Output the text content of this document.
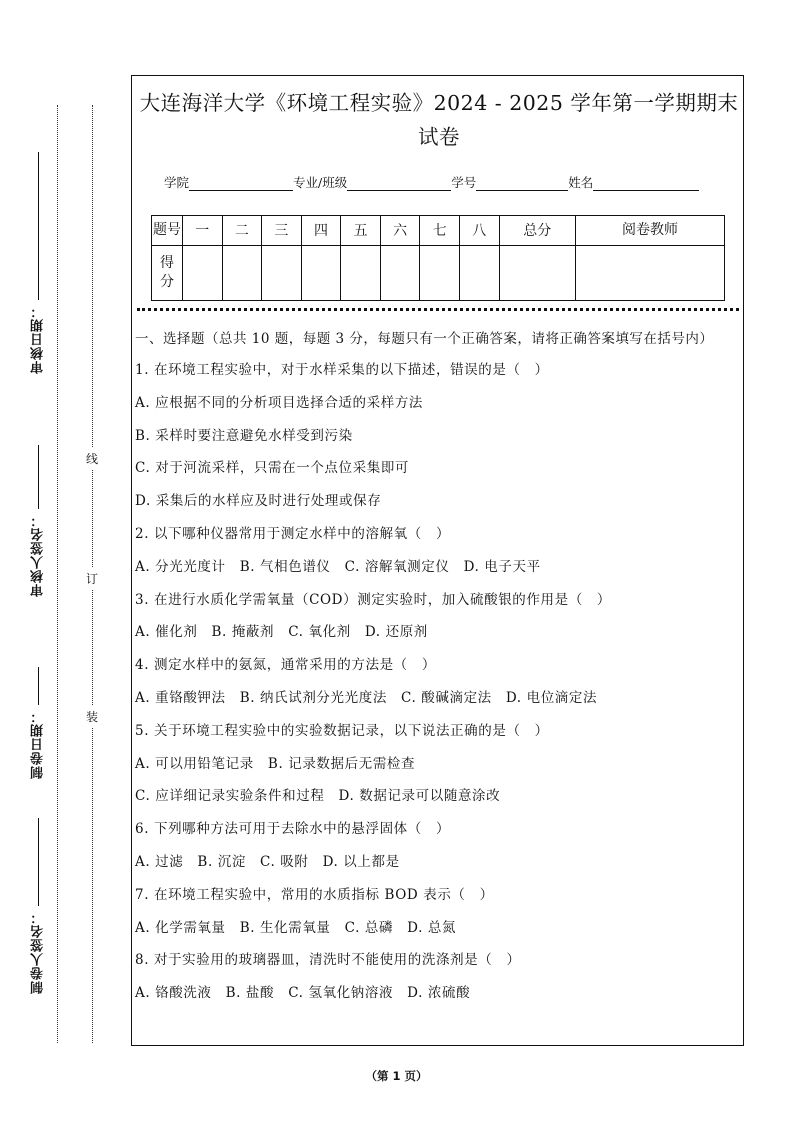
审核日期：
审核人签名：
制卷日期：
制卷人签名：
线
订
装
大连海洋大学《环境工程实验》2024 - 2025 学年第一学期期末试卷
学院	专业/班级	学号	姓名
题号	一	二	三	四	五	六	七	八	总分	阅卷教师
得分										
一、选择题（总共 10 题，每题 3 分，每题只有一个正确答案，请将正确答案填写在括号内）
1. 在环境工程实验中，对于水样采集的以下描述，错误的是（　）
A. 应根据不同的分析项目选择合适的采样方法
B. 采样时要注意避免水样受到污染
C. 对于河流采样，只需在一个点位采集即可
D. 采集后的水样应及时进行处理或保存
2. 以下哪种仪器常用于测定水样中的溶解氧（　）
A. 分光光度计　B. 气相色谱仪　C. 溶解氧测定仪　D. 电子天平
3. 在进行水质化学需氧量（COD）测定实验时，加入硫酸银的作用是（　）
A. 催化剂　B. 掩蔽剂　C. 氧化剂　D. 还原剂
4. 测定水样中的氨氮，通常采用的方法是（　）
A. 重铬酸钾法　B. 纳氏试剂分光光度法　C. 酸碱滴定法　D. 电位滴定法
5. 关于环境工程实验中的实验数据记录，以下说法正确的是（　）
A. 可以用铅笔记录　B. 记录数据后无需检查
C. 应详细记录实验条件和过程　D. 数据记录可以随意涂改
6. 下列哪种方法可用于去除水中的悬浮固体（　）
A. 过滤　B. 沉淀　C. 吸附　D. 以上都是
7. 在环境工程实验中，常用的水质指标 BOD 表示（　）
A. 化学需氧量　B. 生化需氧量　C. 总磷　D. 总氮
8. 对于实验用的玻璃器皿，清洗时不能使用的洗涤剂是（　）
A. 铬酸洗液　B. 盐酸　C. 氢氧化钠溶液　D. 浓硫酸
（第 1 页）
